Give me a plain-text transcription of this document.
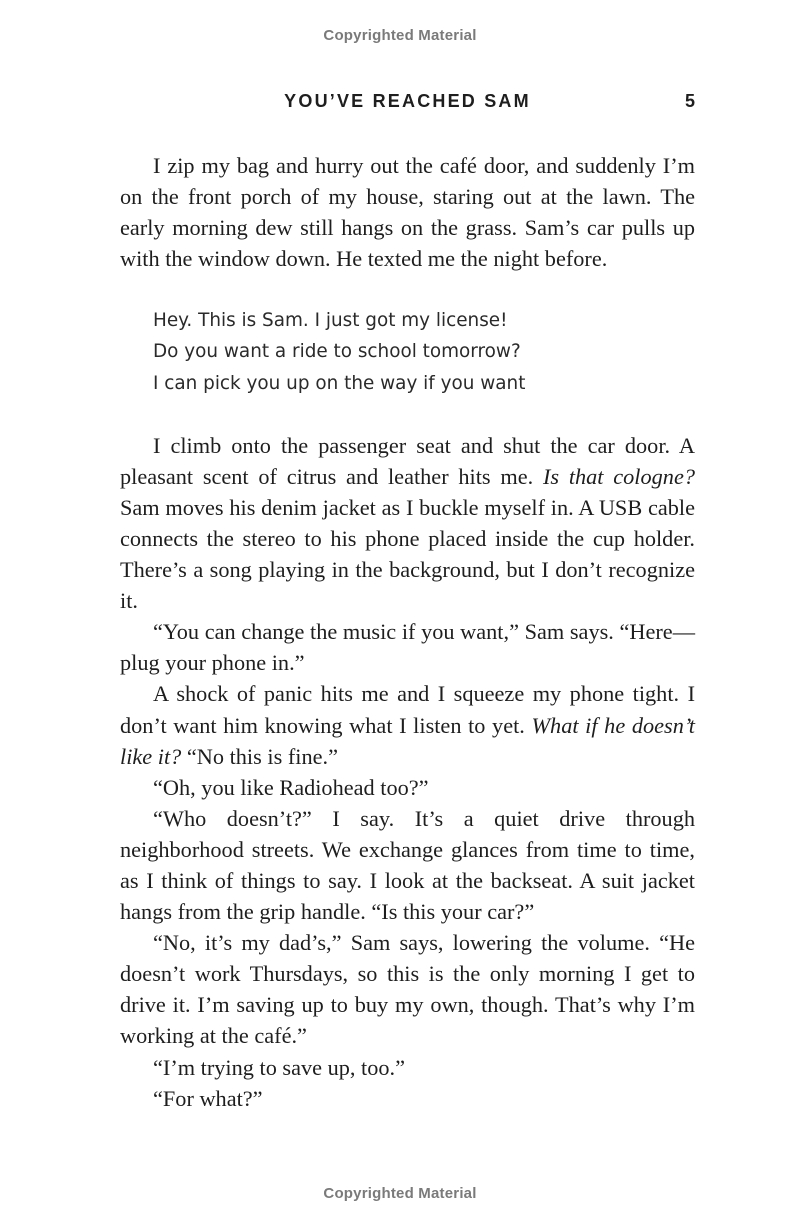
Copyrighted Material
YOU’VE REACHED SAM	5

I zip my bag and hurry out the café door, and suddenly I’m on the front porch of my house, staring out at the lawn. The early morning dew still hangs on the grass. Sam’s car pulls up with the window down. He texted me the night before.

Hey. This is Sam. I just got my license!
Do you want a ride to school tomorrow?
I can pick you up on the way if you want

I climb onto the passenger seat and shut the car door. A pleasant scent of citrus and leather hits me. Is that cologne? Sam moves his denim jacket as I buckle myself in. A USB cable connects the stereo to his phone placed inside the cup holder. There’s a song playing in the background, but I don’t recognize it.

“You can change the music if you want,” Sam says. “Here—plug your phone in.”

A shock of panic hits me and I squeeze my phone tight. I don’t want him knowing what I listen to yet. What if he doesn’t like it? “No this is fine.”

“Oh, you like Radiohead too?”

“Who doesn’t?” I say. It’s a quiet drive through neighborhood streets. We exchange glances from time to time, as I think of things to say. I look at the backseat. A suit jacket hangs from the grip handle. “Is this your car?”

“No, it’s my dad’s,” Sam says, lowering the volume. “He doesn’t work Thursdays, so this is the only morning I get to drive it. I’m saving up to buy my own, though. That’s why I’m working at the café.”

“I’m trying to save up, too.”

“For what?”

Copyrighted Material
